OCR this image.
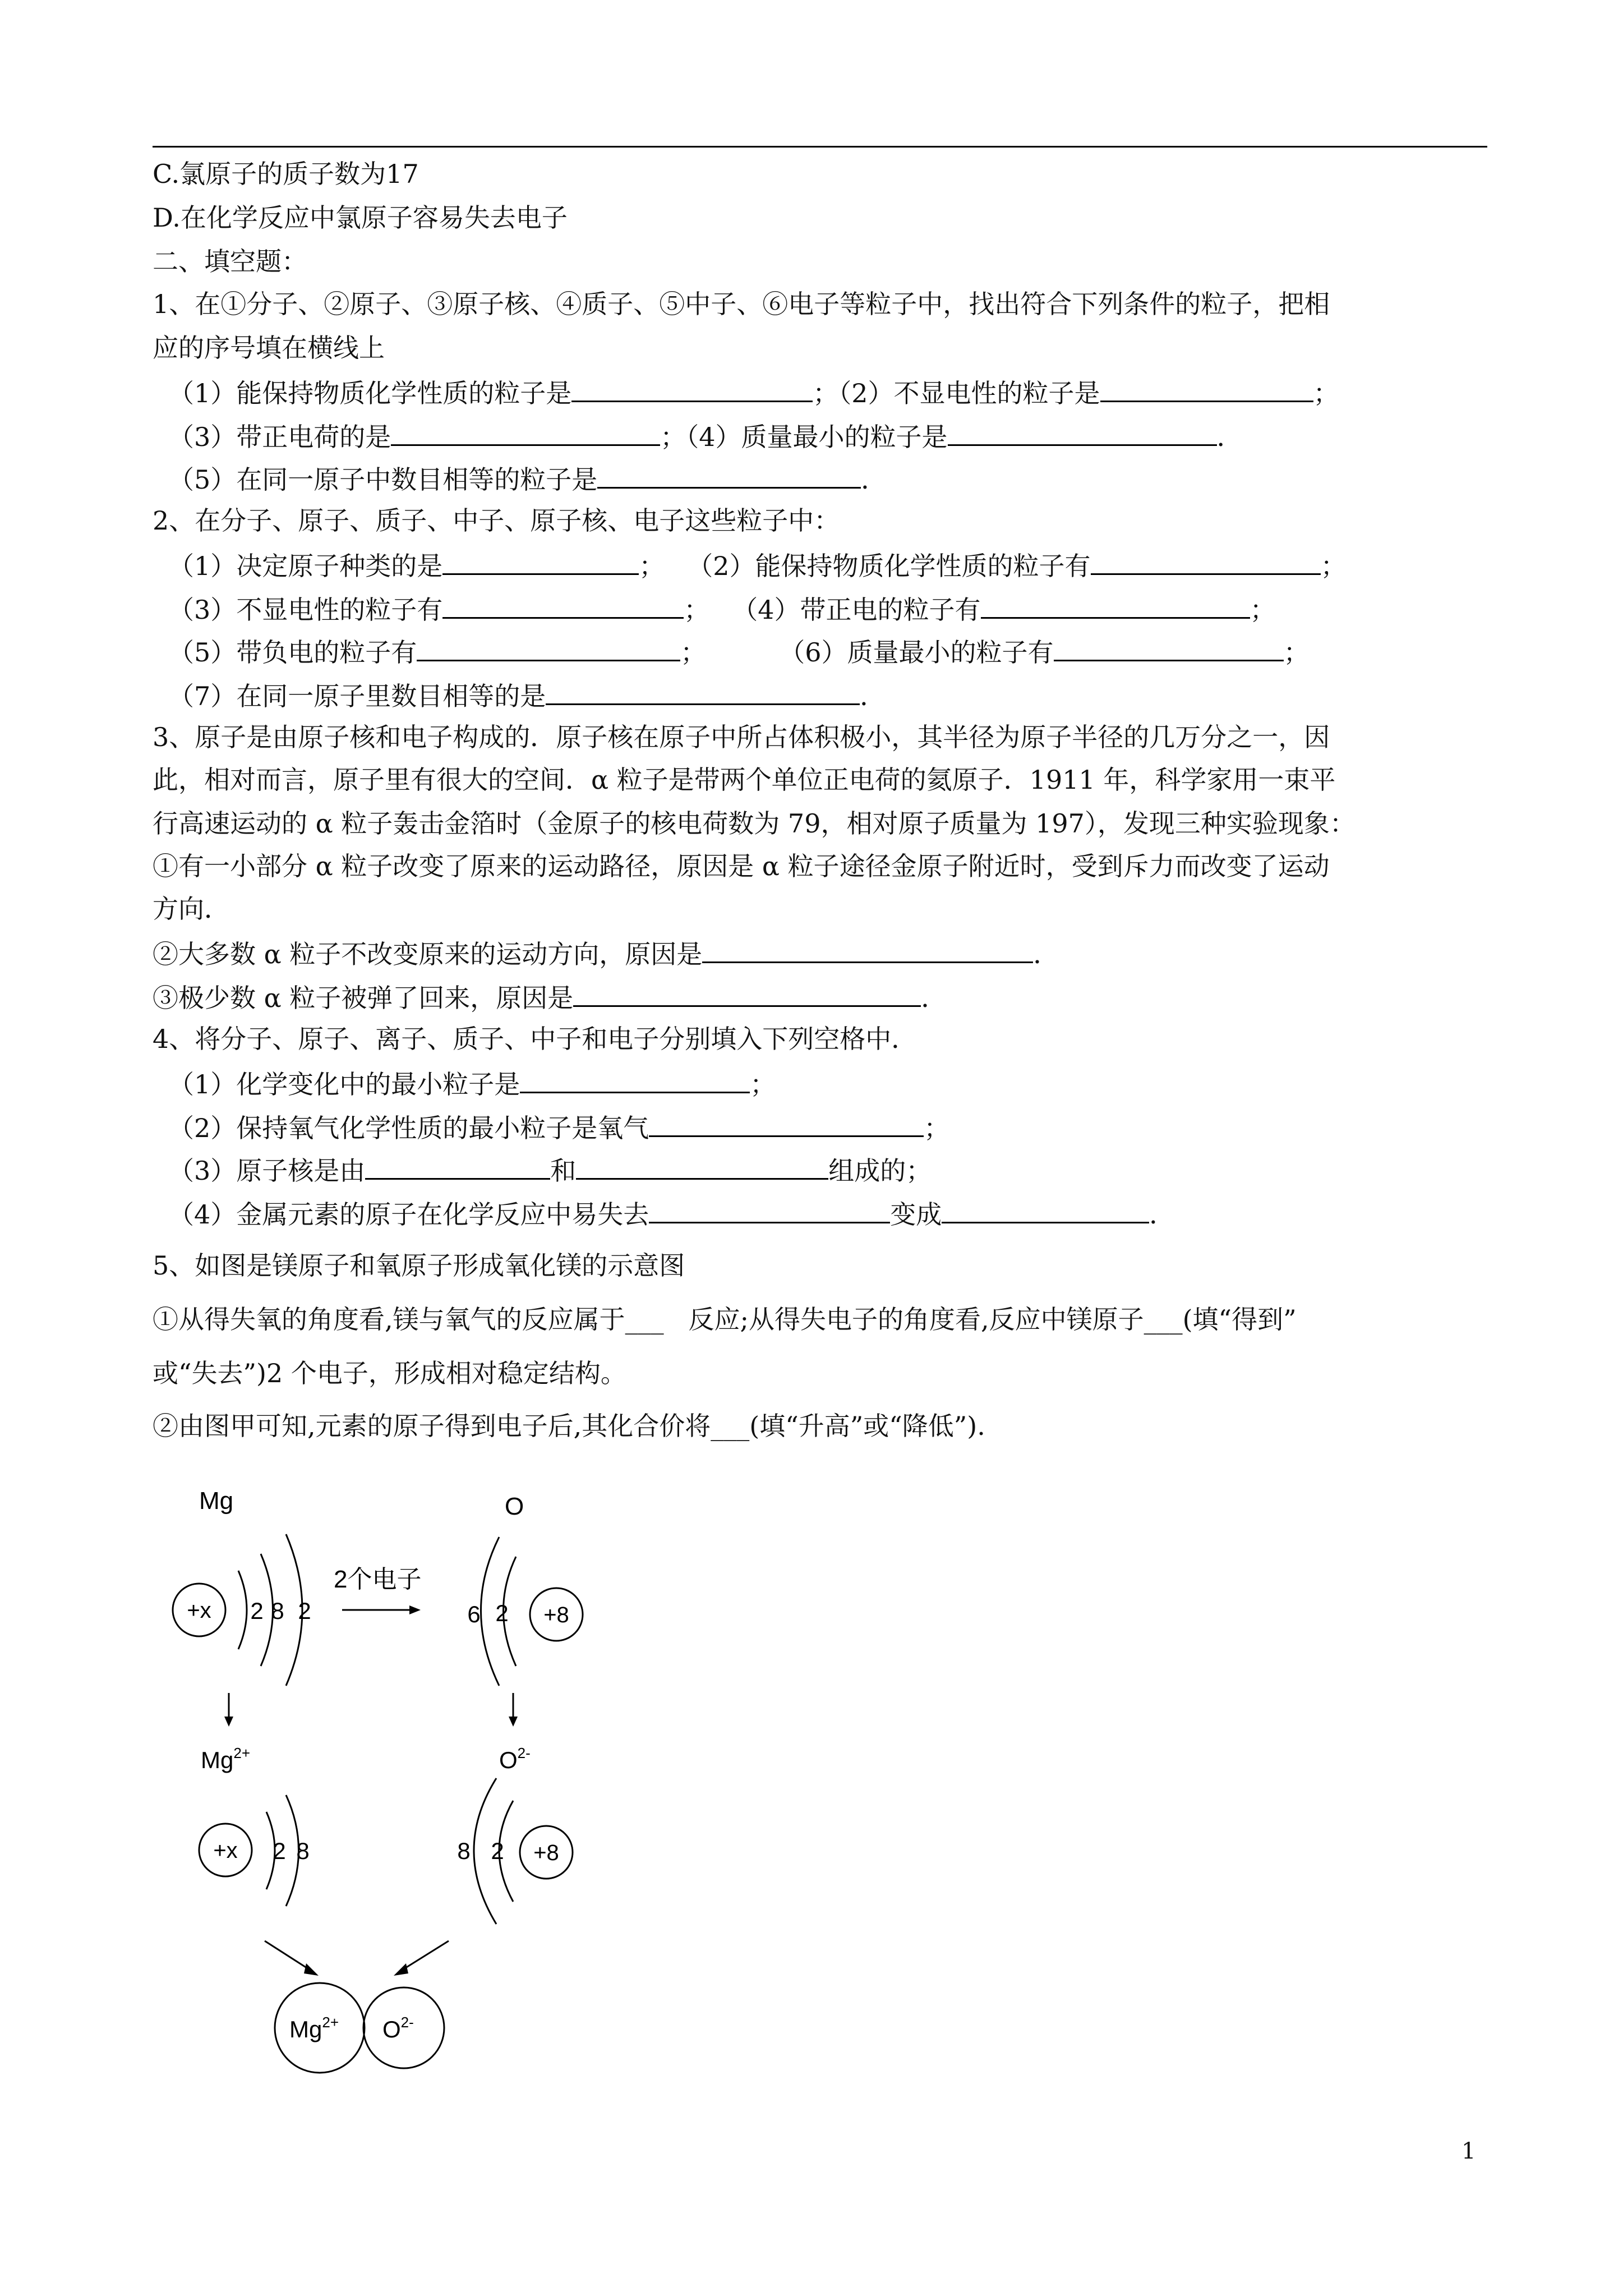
C.氯原子的质子数为17
D.在化学反应中氯原子容易失去电子
二、填空题：
1、在①分子、②原子、③原子核、④质子、⑤中子、⑥电子等粒子中，找出符合下列条件的粒子，把相
应的序号填在横线上
（1）能保持物质化学性质的粒子是	；（2）不显电性的粒子是	；
（3）带正电荷的是	；（4）质量最小的粒子是	．
（5）在同一原子中数目相等的粒子是	．
2、在分子、原子、质子、中子、原子核、电子这些粒子中：
（1）决定原子种类的是	； （2）能保持物质化学性质的粒子有	；
（3）不显电性的粒子有	； （4）带正电的粒子有	；
（5）带负电的粒子有	；	（6）质量最小的粒子有	；
（7）在同一原子里数目相等的是	．
3、原子是由原子核和电子构成的．原子核在原子中所占体积极小，其半径为原子半径的几万分之一，因
此，相对而言，原子里有很大的空间．α 粒子是带两个单位正电荷的氦原子．1911 年，科学家用一束平
行高速运动的 α 粒子轰击金箔时（金原子的核电荷数为 79，相对原子质量为 197），发现三种实验现象：
①有一小部分 α 粒子改变了原来的运动路径，原因是 α 粒子途径金原子附近时，受到斥力而改变了运动
方向．
②大多数 α 粒子不改变原来的运动方向，原因是	．
③极少数 α 粒子被弹了回来，原因是	．
4、将分子、原子、离子、质子、中子和电子分别填入下列空格中．
（1）化学变化中的最小粒子是	；
（2）保持氧气化学性质的最小粒子是氧气	；
（3）原子核是由	和	组成的；
（4）金属元素的原子在化学反应中易失去	变成	．
5、如图是镁原子和氧原子形成氧化镁的示意图
①从得失氧的角度看,镁与氧气的反应属于___   反应;从得失电子的角度看,反应中镁原子___(填“得到”
或“失去”)2 个电子，形成相对稳定结构。
②由图甲可知,元素的原子得到电子后,其化合价将___(填“升高”或“降低”).
Mg
+x 2 8 2
2个电子
O
6 2 +8
$Mg^{2+}$
+x 2 8
$O^{2-}$
8 2 +8
$Mg^{2+}$ $O^{2-}$
1
